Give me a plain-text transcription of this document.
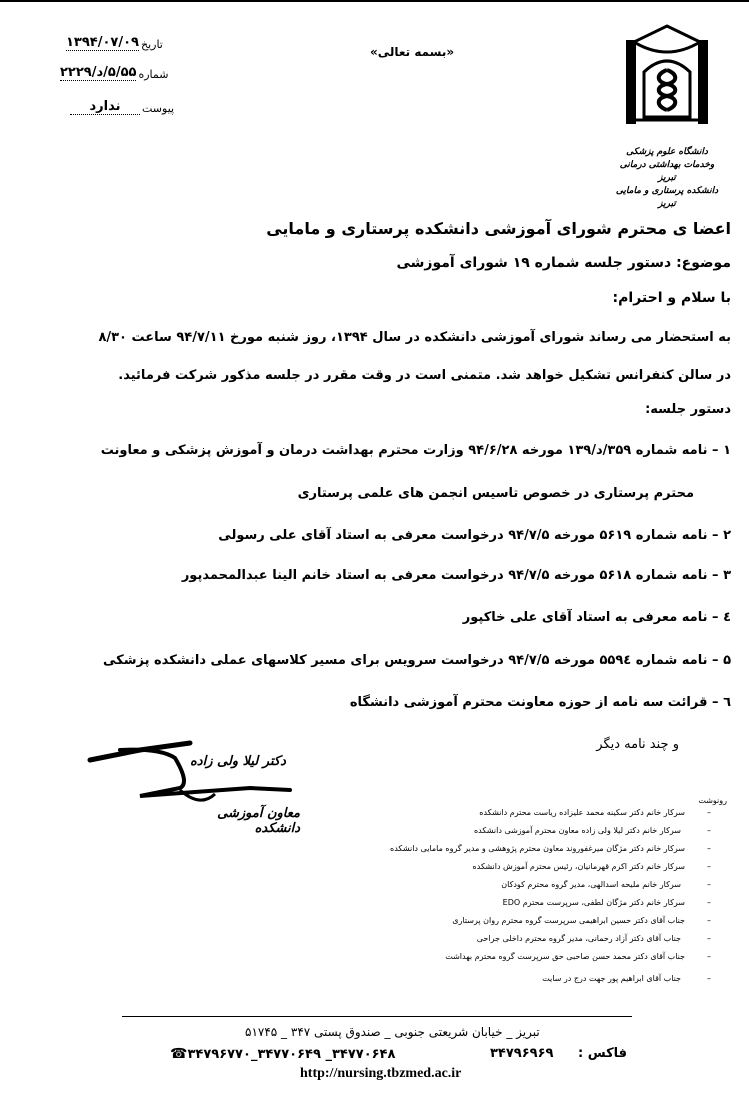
تاریخ
۱۳۹۴/۰۷/۰۹
شماره
۵/۵۵/د/۲۲۲۹
پیوست
ندارد
«بسمه تعالی»
دانشگاه علوم پزشکی
وخدمات بهداشتی درمانی تبریز
دانشکده پرستاری و مامایی تبریز
اعضا ی محترم شورای آموزشی دانشکده پرستاری و مامایی
موضوع: دستور جلسه شماره ۱۹ شورای آموزشی
با سلام و احترام:
به استحضار می رساند شورای آموزشی دانشکده در سال ۱۳۹۴، روز شنبه مورخ ۹۴/۷/۱۱ ساعت ۸/۳۰
در سالن کنفرانس تشکیل خواهد شد. متمنی است در وقت مقرر در جلسه مذکور شرکت فرمائید.
دستور جلسه:
۱ – نامه شماره ۳۵۹/د/۱۳۹ مورخه ۹۴/۶/۲۸ وزارت محترم بهداشت درمان و آموزش پزشکی و معاونت
محترم پرستاری در خصوص تاسیس انجمن های علمی پرستاری
۲ – نامه شماره ۵۶۱۹ مورخه ۹۴/۷/۵ درخواست معرفی به استاد آقای علی رسولی
۳ – نامه شماره ۵۶۱۸ مورخه ۹۴/۷/۵ درخواست معرفی به استاد خانم الینا عبدالمحمدپور
٤ – نامه معرفی به استاد آقای علی خاکپور
۵ – نامه شماره ۵۵۹٤ مورخه ۹۴/۷/۵ درخواست سرویس برای مسیر کلاسهای عملی دانشکده پزشکی
٦ – قرائت سه نامه از حوزه معاونت محترم آموزشی دانشگاه
و چند نامه دیگر
دکتر لیلا ولی زاده
معاون آموزشی دانشکده
رونوشت
–
سرکار خانم دکتر سکینه محمد علیزاده ریاست محترم دانشکده
–
سرکار خانم دکتر لیلا ولی زاده معاون محترم آموزشی دانشکده
–
سرکار خانم دکتر مژگان میرغفوروند معاون محترم پژوهشی و مدیر گروه مامایی دانشکده
–
سرکار خانم دکتر اکرم قهرمانیان، رئیس محترم آموزش دانشکده
–
سرکار خانم ملیحه اسدالهی، مدیر گروه محترم کودکان
–
سرکار خانم دکتر مژگان لطفی، سرپرست محترم EDO
–
جناب آقای دکتر حسین ابراهیمی سرپرست گروه محترم روان پرستاری
–
جناب آقای دکتر آزاد رحمانی، مدیر گروه محترم داخلی جراحی
–
جناب آقای دکتر محمد حسن صاحبی حق سرپرست گروه محترم بهداشت
–
جناب آقای ابراهیم پور جهت درج در سایت
تبریز _ خیابان شریعتی جنوبی _ صندوق پستی ۳۴۷ _ ۵۱۷۴۵
☎ ۳۴۷۷۰۶۴۸_ ۳۴۷۷۰۶۴۹_۳۴۷۹۶۷۷۰	فاکس : ۳۴۷۹۶۹۶۹
http://nursing.tbzmed.ac.ir
